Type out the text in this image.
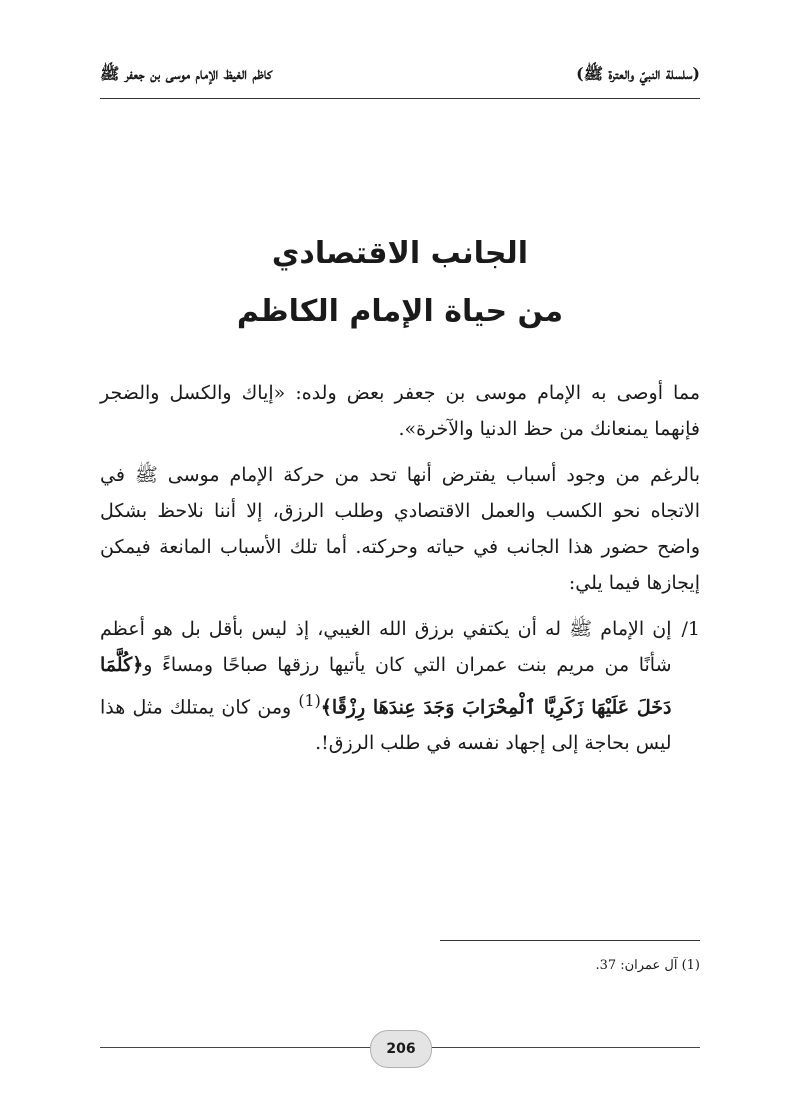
كاظم الغيظ الإمام موسى بن جعفر ﷺ	(سلسلة النبيّ والعترة ﷺ)
الجانب الاقتصادي
من حياة الإمام الكاظم

مما أوصى به الإمام موسى بن جعفر بعض ولده: «إياك والكسل والضجر فإنهما يمنعانك من حظ الدنيا والآخرة».

بالرغم من وجود أسباب يفترض أنها تحد من حركة الإمام موسى ﷺ في الاتجاه نحو الكسب والعمل الاقتصادي وطلب الرزق، إلا أننا نلاحظ بشكل واضح حضور هذا الجانب في حياته وحركته. أما تلك الأسباب المانعة فيمكن إيجازها فيما يلي:

1/
إن الإمام ﷺ له أن يكتفي برزق الله الغيبي، إذ ليس بأقل بل هو أعظم شأنًا من مريم بنت عمران التي كان يأتيها رزقها صباحًا ومساءً و﴿كُلَّمَا دَخَلَ عَلَيْهَا زَكَرِيَّا ٱلْمِحْرَابَ وَجَدَ عِندَهَا رِزْقًا﴾$^{(1)}$ ومن كان يمتلك مثل هذا ليس بحاجة إلى إجهاد نفسه في طلب الرزق!.
(1) آل عمران: 37.
206
